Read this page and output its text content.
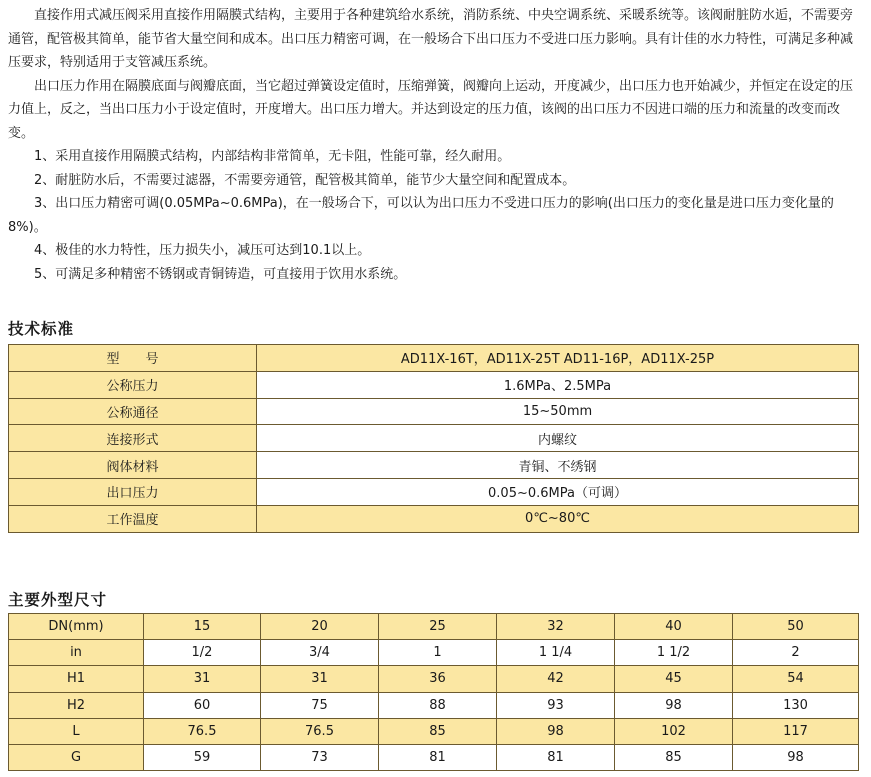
直接作用式减压阀采用直接作用隔膜式结构，主要用于各种建筑给水系统，消防系统、中央空调系统、采暖系统等。该阀耐脏防水逅，不需要旁通管，配管极其简单，能节省大量空间和成本。出口压力精密可调，在一般场合下出口压力不受进口压力影响。具有计佳的水力特性，可满足多种减压要求，特别适用于支管减压系统。

出口压力作用在隔膜底面与阀瓣底面，当它超过弹簧设定值时，压缩弹簧，阀瓣向上运动，开度减少，出口压力也开始减少，并恒定在设定的压力值上，反之，当出口压力小于设定值时，开度增大。出口压力增大。并达到设定的压力值，该阀的出口压力不因进口端的压力和流量的改变而改变。

1、采用直接作用隔膜式结构，内部结构非常简单，无卡阻，性能可靠，经久耐用。

2、耐脏防水后，不需要过滤器，不需要旁通管，配管极其简单，能节少大量空间和配置成本。

3、出口压力精密可调(0.05MPa~0.6MPa)，在一般场合下，可以认为出口压力不受进口压力的影响(出口压力的变化量是进口压力变化量的8%)。

4、极佳的水力特性，压力损失小，减压可达到10.1以上。

5、可满足多种精密不锈钢或青铜铸造，可直接用于饮用水系统。

技术标准
型　　号	AD11X-16T，AD11X-25T AD11-16P，AD11X-25P
公称压力	1.6MPa、2.5MPa
公称通径	15~50mm
连接形式	内螺纹
阀体材料	青铜、不绣钢
出口压力	0.05~0.6MPa（可调）
工作温度	0℃~80℃
主要外型尺寸
DN(mm)	15	20	25	32	40	50
in	1/2	3/4	1	1 1/4	1 1/2	2
H1	31	31	36	42	45	54
H2	60	75	88	93	98	130
L	76.5	76.5	85	98	102	117
G	59	73	81	81	85	98
